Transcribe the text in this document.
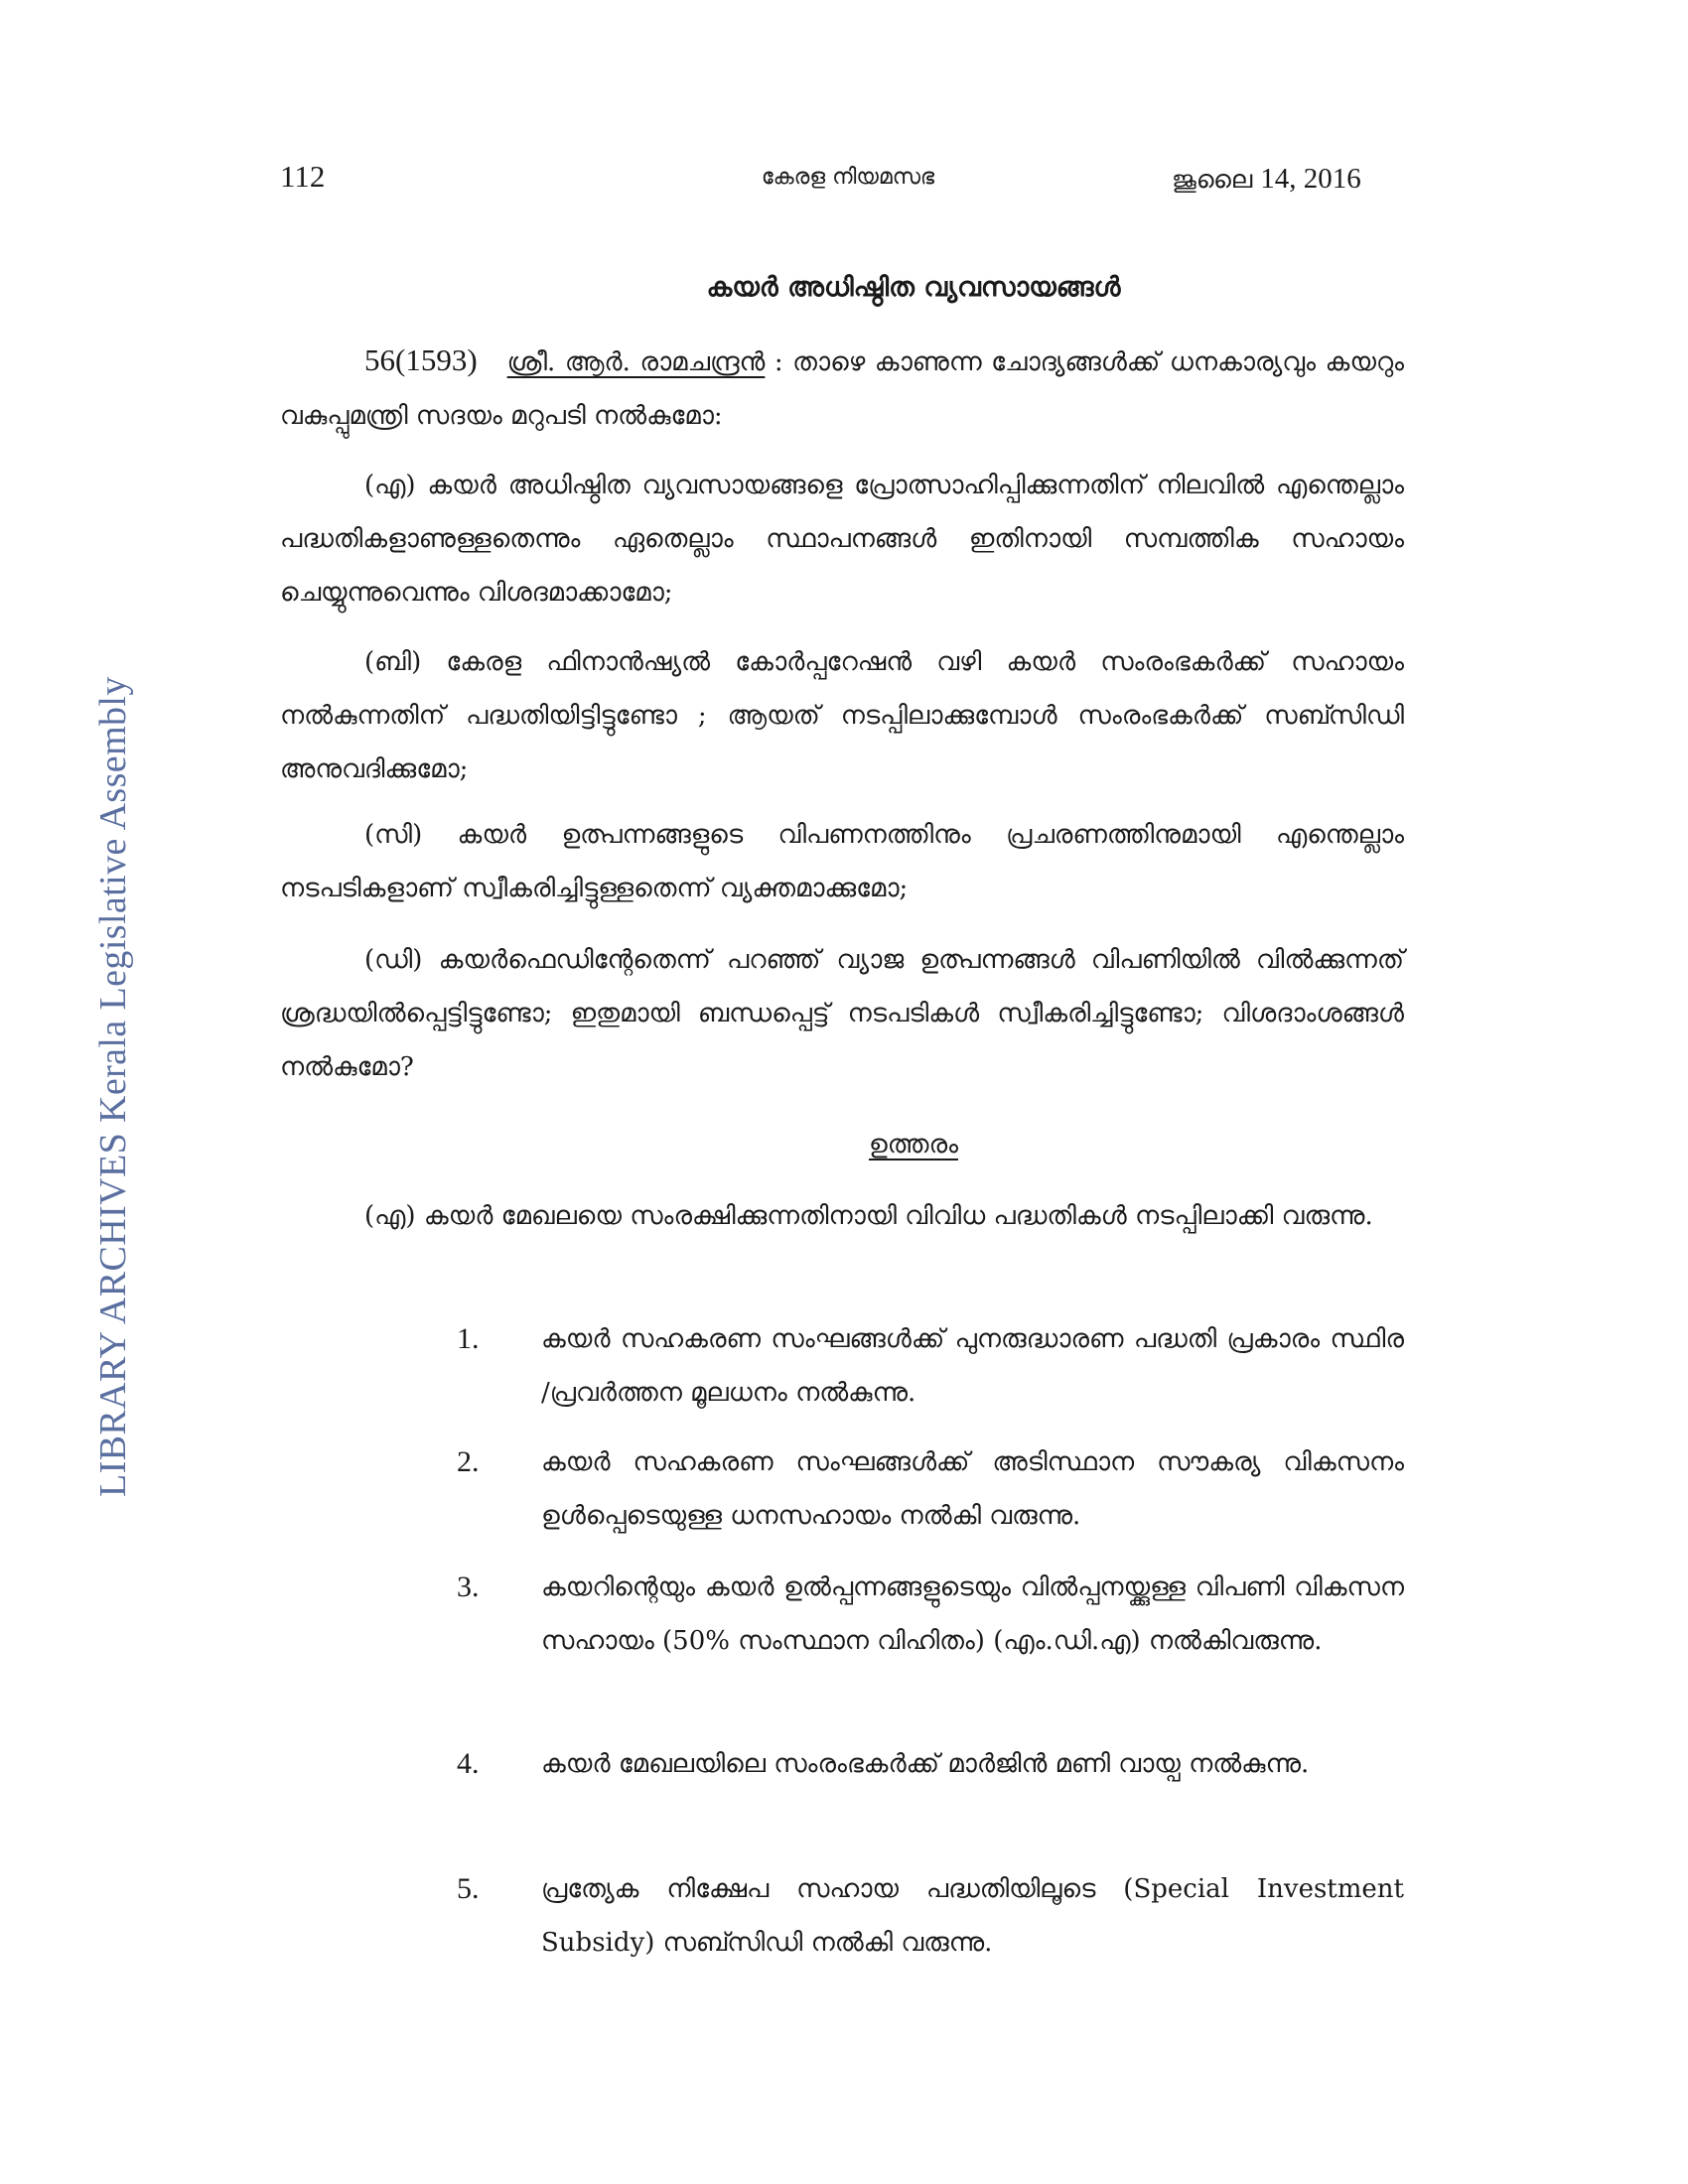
112	കേരള നിയമസഭ	ജൂലൈ 14, 2016
LIBRARY ARCHIVES Kerala Legislative Assembly
കയർ അധിഷ്ഠിത വ്യവസായങ്ങൾ

56(1593) ശ്രീ. ആർ. രാമചന്ദ്രൻ : താഴെ കാണുന്ന ചോദ്യങ്ങൾക്ക് ധനകാര്യവും കയറും വകുപ്പുമന്ത്രി സദയം മറുപടി നൽകുമോ:

(എ) കയർ അധിഷ്ഠിത വ്യവസായങ്ങളെ പ്രോത്സാഹിപ്പിക്കുന്നതിന് നിലവിൽ എന്തെല്ലാം പദ്ധതികളാണുള്ളതെന്നും ഏതെല്ലാം സ്ഥാപനങ്ങൾ ഇതിനായി സമ്പത്തിക സഹായം ചെയ്യുന്നുവെന്നും വിശദമാക്കാമോ;

(ബി) കേരള ഫിനാൻഷ്യൽ കോർപ്പറേഷൻ വഴി കയർ സംരംഭകർക്ക് സഹായം നൽകുന്നതിന് പദ്ധതിയിട്ടിട്ടുണ്ടോ ; ആയത് നടപ്പിലാക്കുമ്പോൾ സംരംഭകർക്ക് സബ്സിഡി അനുവദിക്കുമോ;

(സി) കയർ ഉത്പന്നങ്ങളുടെ വിപണനത്തിനും പ്രചരണത്തിനുമായി എന്തെല്ലാം നടപടികളാണ് സ്വീകരിച്ചിട്ടുള്ളതെന്ന് വ്യക്തമാക്കുമോ;

(ഡി) കയർഫെഡിന്റേതെന്ന് പറഞ്ഞ് വ്യാജ ഉത്പന്നങ്ങൾ വിപണിയിൽ വിൽക്കുന്നത് ശ്രദ്ധയിൽപ്പെട്ടിട്ടുണ്ടോ; ഇതുമായി ബന്ധപ്പെട്ട് നടപടികൾ സ്വീകരിച്ചിട്ടുണ്ടോ; വിശദാംശങ്ങൾ നൽകുമോ?

ഉത്തരം

(എ) കയർ മേഖലയെ സംരക്ഷിക്കുന്നതിനായി വിവിധ പദ്ധതികൾ നടപ്പിലാക്കി വരുന്നു.

1. കയർ സഹകരണ സംഘങ്ങൾക്ക് പുനരുദ്ധാരണ പദ്ധതി പ്രകാരം സ്ഥിര /പ്രവർത്തന മൂലധനം നൽകുന്നു.
2. കയർ സഹകരണ സംഘങ്ങൾക്ക് അടിസ്ഥാന സൗകര്യ വികസനം ഉൾപ്പെടെയുള്ള ധനസഹായം നൽകി വരുന്നു.
3. കയറിന്റെയും കയർ ഉൽപ്പന്നങ്ങളുടെയും വിൽപ്പനയ്ക്കുള്ള വിപണി വികസന സഹായം (50% സംസ്ഥാന വിഹിതം) (എം.ഡി.എ) നൽകിവരുന്നു.
4. കയർ മേഖലയിലെ സംരംഭകർക്ക് മാർജിൻ മണി വായ്പ നൽകുന്നു.
5. പ്രത്യേക നിക്ഷേപ സഹായ പദ്ധതിയിലൂടെ (Special Investment Subsidy) സബ്സിഡി നൽകി വരുന്നു.
